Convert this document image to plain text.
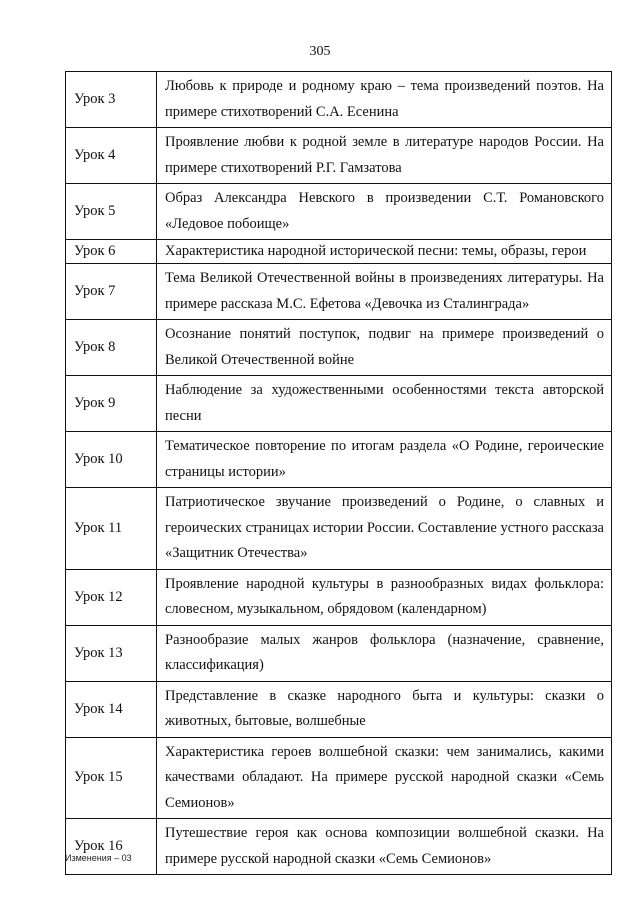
305
Урок 3	Любовь к природе и родному краю – тема произведений поэтов. На примере стихотворений С.А. Есенина
Урок 4	Проявление любви к родной земле в литературе народов России. На примере стихотворений Р.Г. Гамзатова
Урок 5	Образ Александра Невского в произведении С.Т. Романовского «Ледовое побоище»
Урок 6	Характеристика народной исторической песни: темы, образы, герои
Урок 7	Тема Великой Отечественной войны в произведениях литературы. На примере рассказа М.С. Ефетова «Девочка из Сталинграда»
Урок 8	Осознание понятий поступок, подвиг на примере произведений о Великой Отечественной войне
Урок 9	Наблюдение за художественными особенностями текста авторской песни
Урок 10	Тематическое повторение по итогам раздела «О Родине, героические страницы истории»
Урок 11	Патриотическое звучание произведений о Родине, о славных и героических страницах истории России. Составление устного рассказа «Защитник Отечества»
Урок 12	Проявление народной культуры в разнообразных видах фольклора: словесном, музыкальном, обрядовом (календарном)
Урок 13	Разнообразие малых жанров фольклора (назначение, сравнение, классификация)
Урок 14	Представление в сказке народного быта и культуры: сказки о животных, бытовые, волшебные
Урок 15	Характеристика героев волшебной сказки: чем занимались, какими качествами обладают. На примере русской народной сказки «Семь Семионов»
Урок 16	Путешествие героя как основа композиции волшебной сказки. На примере русской народной сказки «Семь Семионов»
Изменения – 03
